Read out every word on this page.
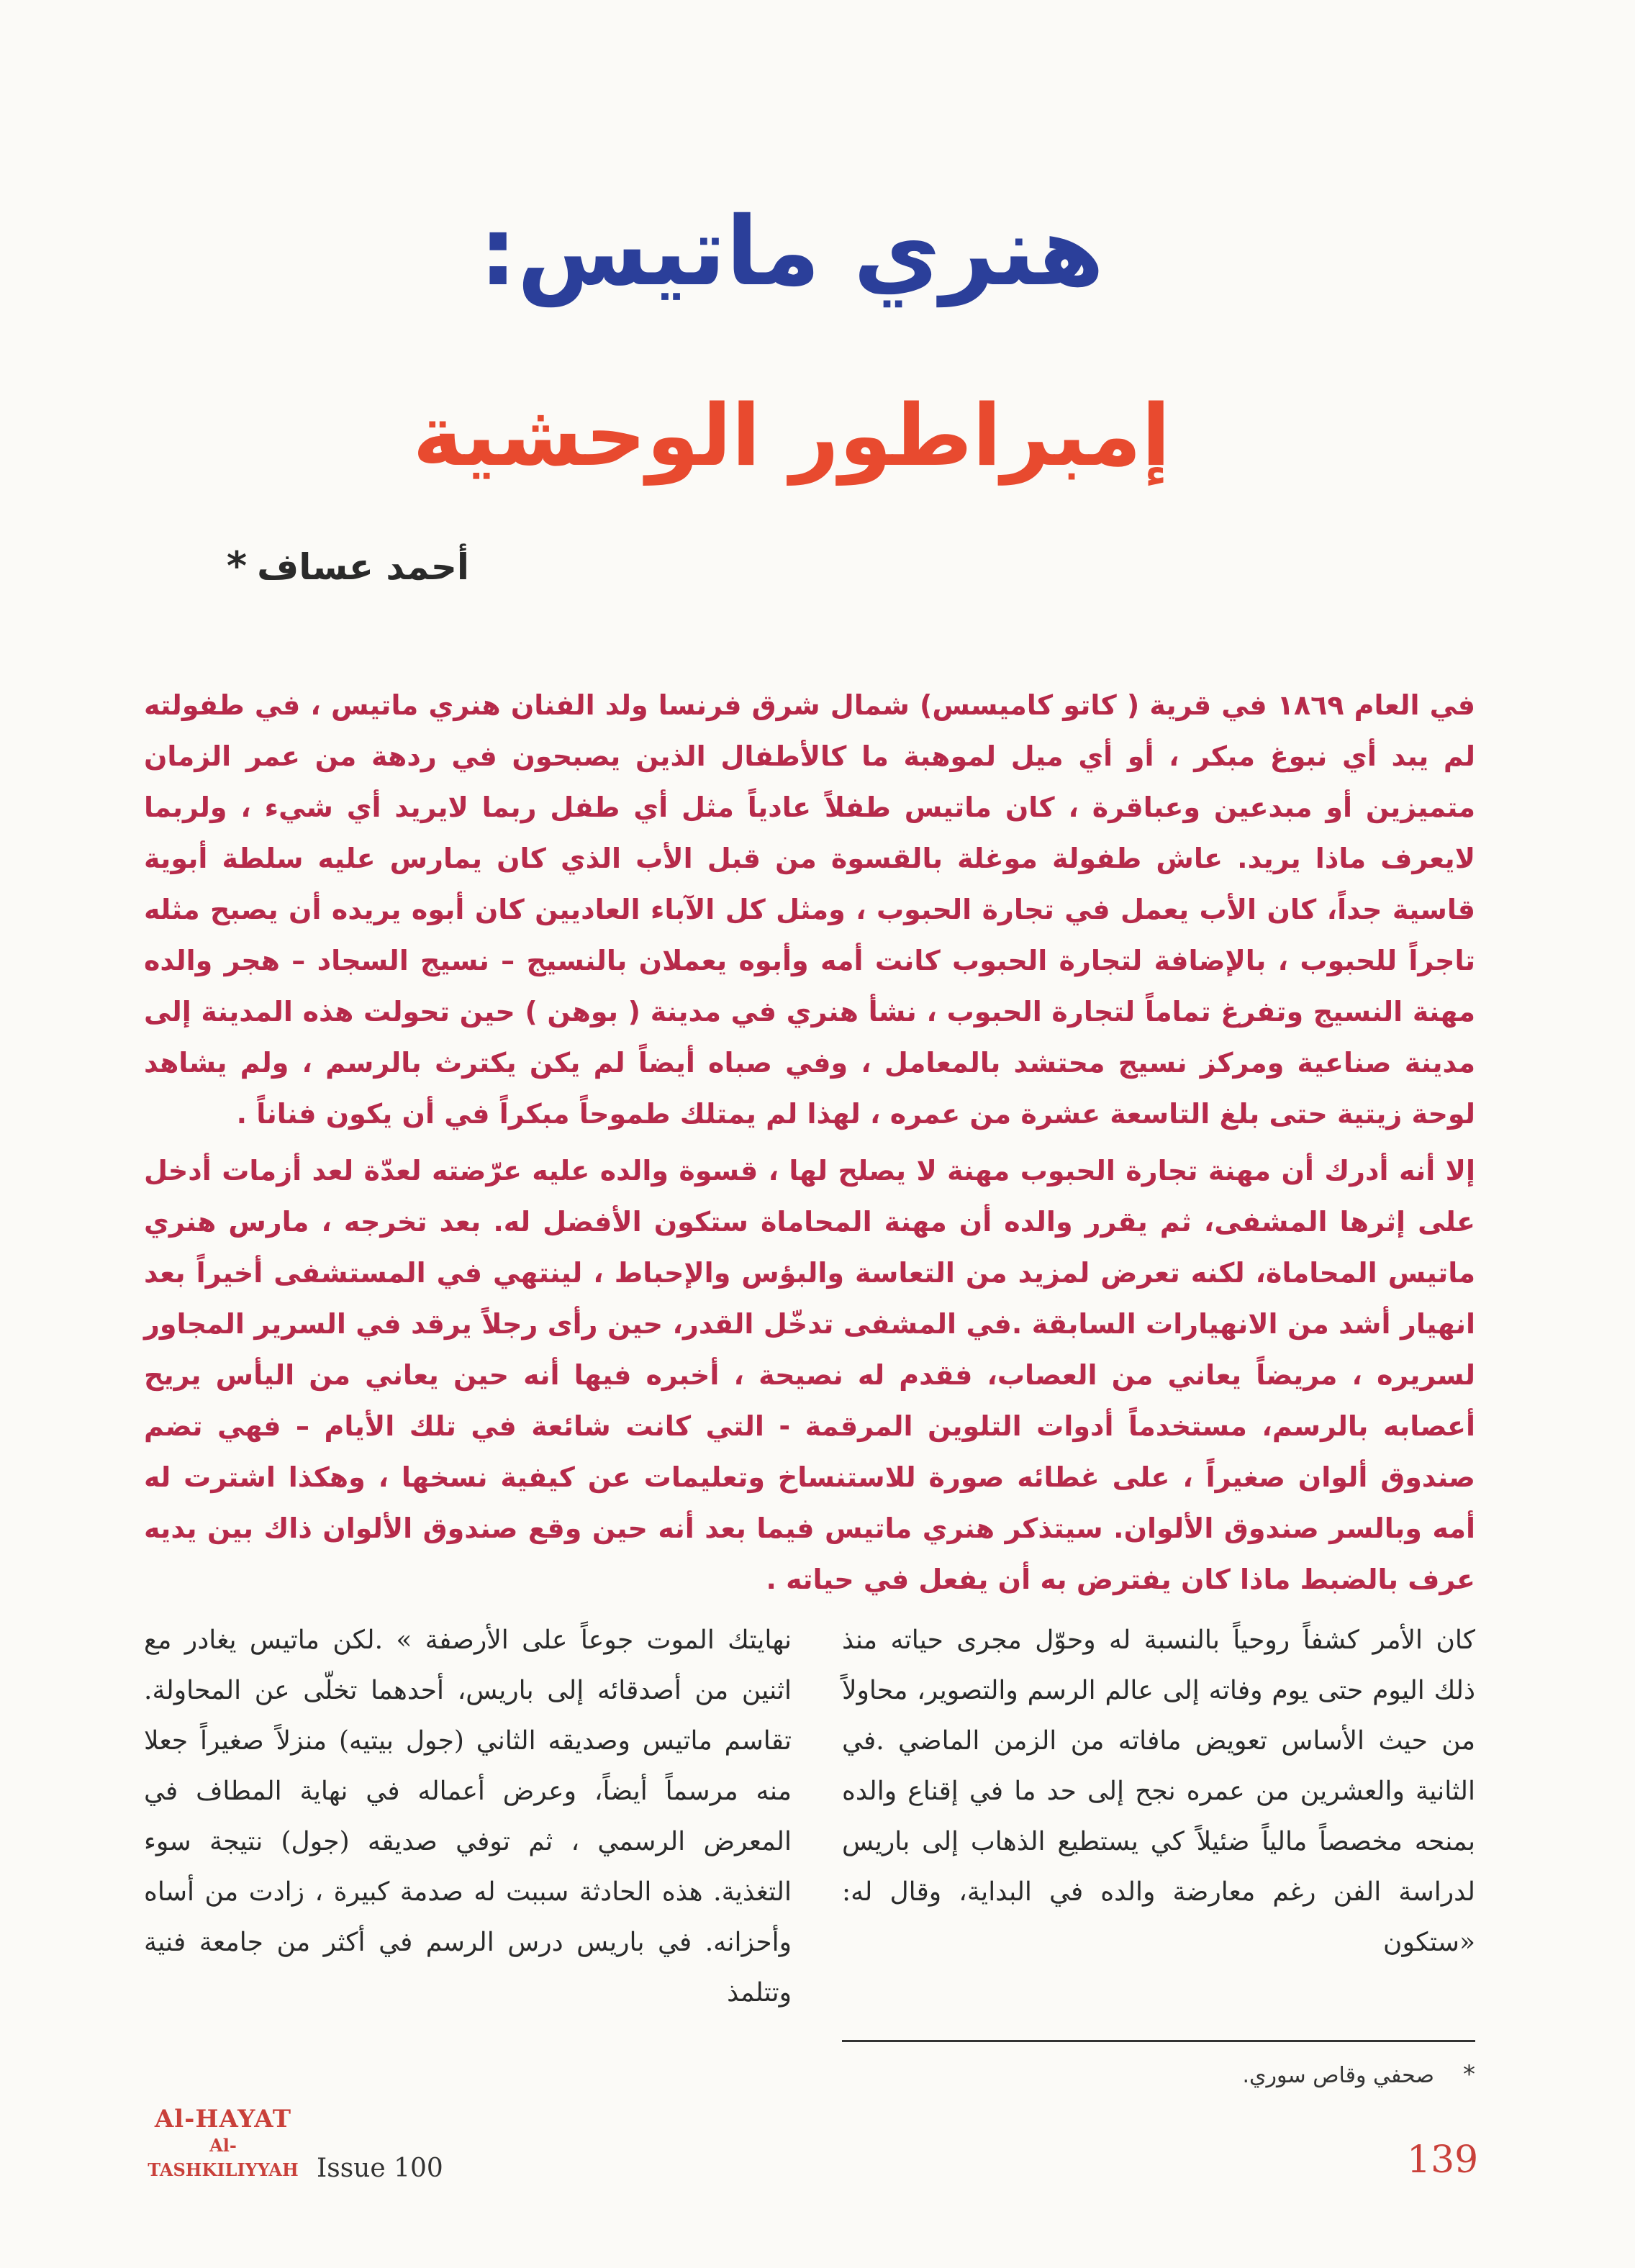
هنري ماتيس:
إمبراطور الوحشية
أحمد عساف*

في العام ١٨٦٩ في قرية ( كاتو كاميسس) شمال شرق فرنسا ولد الفنان هنري ماتيس ، في طفولته لم يبد أي نبوغ مبكر ، أو أي ميل لموهبة ما كالأطفال الذين يصبحون في ردهة من عمر الزمان متميزين أو مبدعين وعباقرة ، كان ماتيس طفلاً عادياً مثل أي طفل ربما لايريد أي شيء ، ولربما لايعرف ماذا يريد. عاش طفولة موغلة بالقسوة من قبل الأب الذي كان يمارس عليه سلطة أبوية قاسية جداً، كان الأب يعمل في تجارة الحبوب ، ومثل كل الآباء العاديين كان أبوه يريده أن يصبح مثله تاجراً للحبوب ، بالإضافة لتجارة الحبوب كانت أمه وأبوه يعملان بالنسيج – نسيج السجاد – هجر والده مهنة النسيج وتفرغ تماماً لتجارة الحبوب ، نشأ هنري في مدينة ( بوهن ) حين تحولت هذه المدينة إلى مدينة صناعية ومركز نسيج محتشد بالمعامل ، وفي صباه أيضاً لم يكن يكترث بالرسم ، ولم يشاهد لوحة زيتية حتى بلغ التاسعة عشرة من عمره ، لهذا لم يمتلك طموحاً مبكراً في أن يكون فناناً .

إلا أنه أدرك أن مهنة تجارة الحبوب مهنة لا يصلح لها ، قسوة والده عليه عرّضته لعدّة لعد أزمات أدخل على إثرها المشفى، ثم يقرر والده أن مهنة المحاماة ستكون الأفضل له. بعد تخرجه ، مارس هنري ماتيس المحاماة، لكنه تعرض لمزيد من التعاسة والبؤس والإحباط ، لينتهي في المستشفى أخيراً بعد انهيار أشد من الانهيارات السابقة .في المشفى تدخّل القدر، حين رأى رجلاً يرقد في السرير المجاور لسريره ، مريضاً يعاني من العصاب، فقدم له نصيحة ، أخبره فيها أنه حين يعاني من اليأس يريح أعصابه بالرسم، مستخدماً أدوات التلوين المرقمة - التي كانت شائعة في تلك الأيام – فهي تضم صندوق ألوان صغيراً ، على غطائه صورة للاستنساخ وتعليمات عن كيفية نسخها ، وهكذا اشترت له أمه وبالسر صندوق الألوان. سيتذكر هنري ماتيس فيما بعد أنه حين وقع صندوق الألوان ذاك بين يديه عرف بالضبط ماذا كان يفترض به أن يفعل في حياته .

كان الأمر كشفاً روحياً بالنسبة له وحوّل مجرى حياته منذ ذلك اليوم حتى يوم وفاته إلى عالم الرسم والتصوير، محاولاً من حيث الأساس تعويض مافاته من الزمن الماضي .في الثانية والعشرين من عمره نجح إلى حد ما في إقناع والده بمنحه مخصصاً مالياً ضئيلاً كي يستطيع الذهاب إلى باريس لدراسة الفن رغم معارضة والده في البداية، وقال له: «ستكون

نهايتك الموت جوعاً على الأرصفة » .لكن ماتيس يغادر مع اثنين من أصدقائه إلى باريس، أحدهما تخلّى عن المحاولة. تقاسم ماتيس وصديقه الثاني (جول بيتيه) منزلاً صغيراً جعلا منه مرسماً أيضاً، وعرض أعماله في نهاية المطاف في المعرض الرسمي ، ثم توفي صديقه (جول) نتيجة سوء التغذية. هذه الحادثة سببت له صدمة كبيرة ، زادت من أساه وأحزانه. في باريس درس الرسم في أكثر من جامعة فنية وتتلمذ

*صحفي وقاص سوري.
Al-HAYAT
Al-TASHKILIYYAH Issue 100	139
